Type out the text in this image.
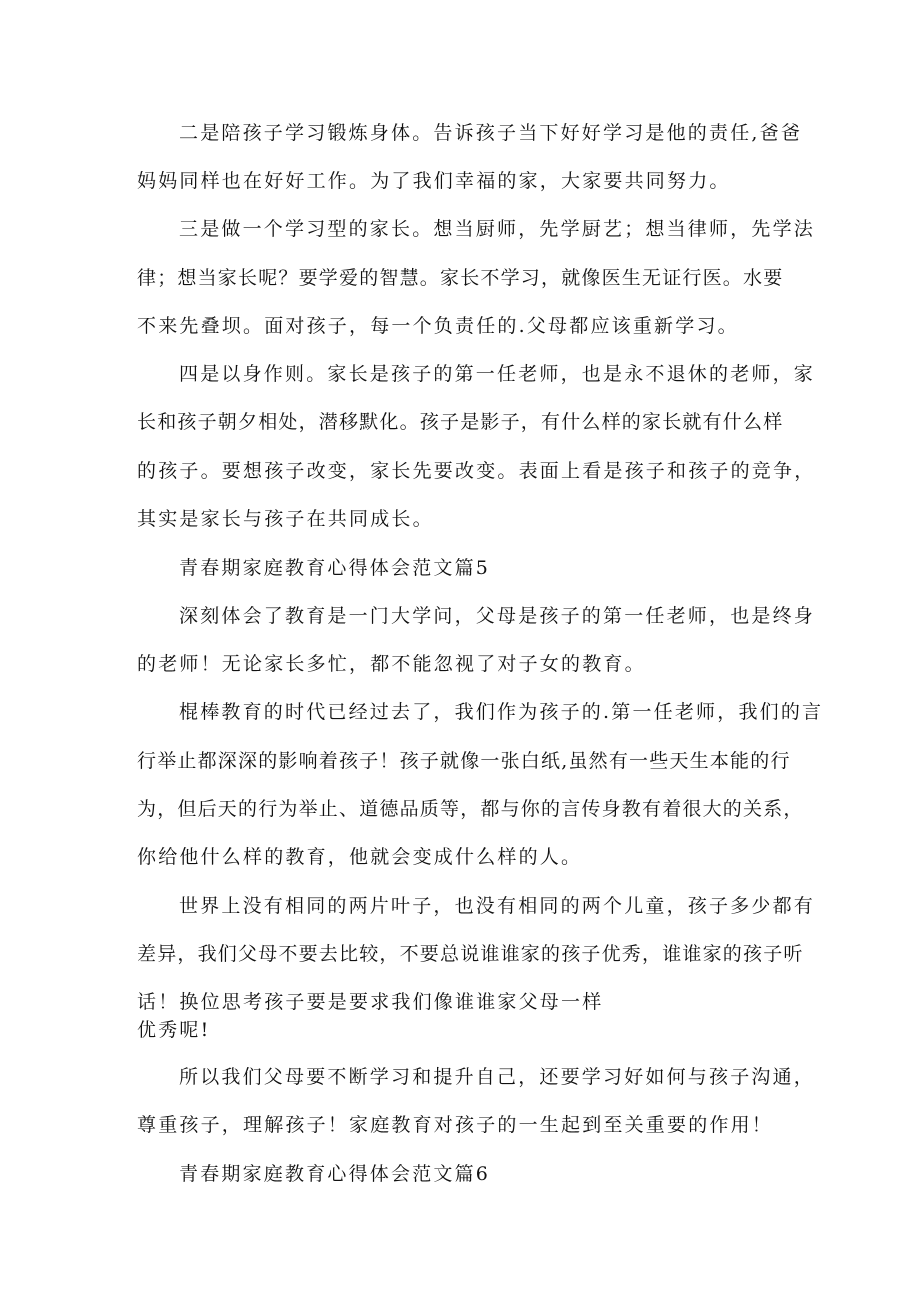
二是陪孩子学习锻炼身体。告诉孩子当下好好学习是他的责任,爸爸
妈妈同样也在好好工作。为了我们幸福的家，大家要共同努力。
三是做一个学习型的家长。想当厨师，先学厨艺；想当律师，先学法
律；想当家长呢？要学爱的智慧。家长不学习，就像医生无证行医。水要
不来先叠坝。面对孩子，每一个负责任的.父母都应该重新学习。
四是以身作则。家长是孩子的第一任老师，也是永不退休的老师，家
长和孩子朝夕相处，潜移默化。孩子是影子，有什么样的家长就有什么样
的孩子。要想孩子改变，家长先要改变。表面上看是孩子和孩子的竞争，
其实是家长与孩子在共同成长。
青春期家庭教育心得体会范文篇5
深刻体会了教育是一门大学问，父母是孩子的第一任老师，也是终身
的老师！无论家长多忙，都不能忽视了对子女的教育。
棍棒教育的时代已经过去了，我们作为孩子的.第一任老师，我们的言
行举止都深深的影响着孩子！孩子就像一张白纸,虽然有一些天生本能的行
为，但后天的行为举止、道德品质等，都与你的言传身教有着很大的关系，
你给他什么样的教育，他就会变成什么样的人。
世界上没有相同的两片叶子，也没有相同的两个儿童，孩子多少都有
差异，我们父母不要去比较，不要总说谁谁家的孩子优秀，谁谁家的孩子听
话！换位思考孩子要是要求我们像谁谁家父母一样
优秀呢!
所以我们父母要不断学习和提升自己，还要学习好如何与孩子沟通，
尊重孩子，理解孩子！家庭教育对孩子的一生起到至关重要的作用！
青春期家庭教育心得体会范文篇6
